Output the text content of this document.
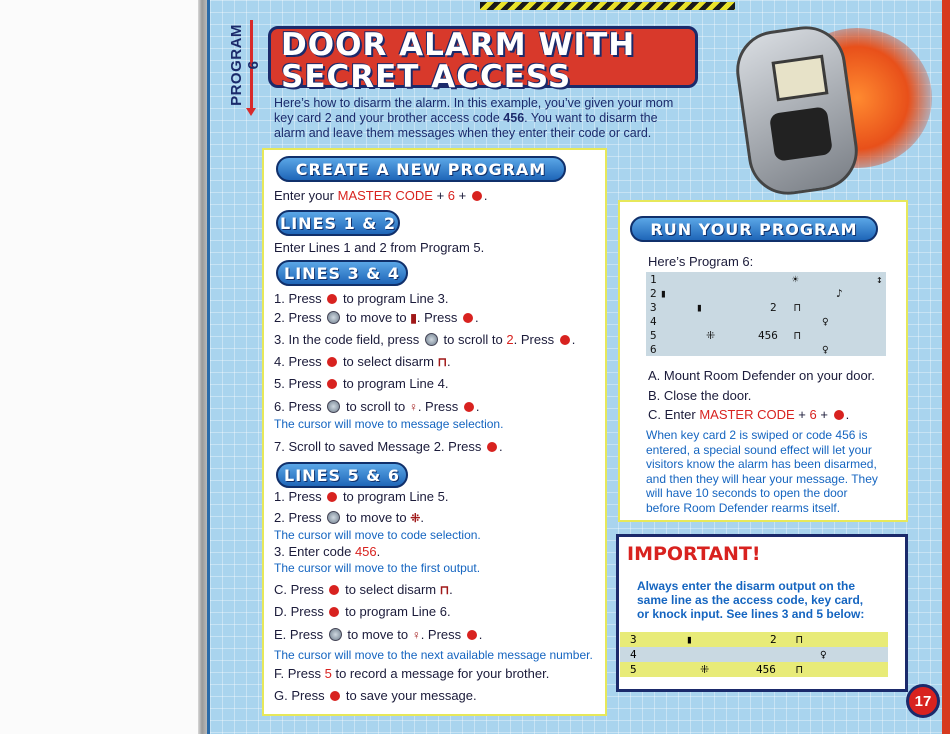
PROGRAM 6
DOOR ALARM WITH
SECRET ACCESS
Here’s how to disarm the alarm. In this example, you’ve given your mom
key card 2 and your brother access code 456. You want to disarm the
alarm and leave them messages when they enter their code or card.
CREATE A NEW PROGRAM
Enter your MASTER CODE + 6 + .
LINES 1 & 2
Enter Lines 1 and 2 from Program 5.
LINES 3 & 4
1. Press to program Line 3.
2. Press to move to ▮. Press .
3. In the code field, press to scroll to 2. Press .
4. Press to select disarm ⊓.
5. Press to program Line 4.
6. Press to scroll to ♀. Press .
The cursor will move to message selection.
7. Scroll to saved Message 2. Press .
LINES 5 & 6
1. Press to program Line 5.
2. Press to move to ⁜.
The cursor will move to code selection.
3. Enter code 456.
The cursor will move to the first output.
C. Press to select disarm ⊓.
D. Press to program Line 6.
E. Press to move to ♀. Press .
The cursor will move to the next available message number.
F. Press 5 to record a message for your brother.
G. Press to save your message.
RUN YOUR PROGRAM
Here’s Program 6:
1	☀	↕
2 ▮	♪
3	▮	2 ⊓
4	♀
5	⁜	456 ⊓
6	♀
A. Mount Room Defender on your door.
B. Close the door.
C. Enter MASTER CODE + 6 + .
When key card 2 is swiped or code 456 is
entered, a special sound effect will let your
visitors know the alarm has been disarmed,
and then they will hear your message. They
will have 10 seconds to open the door
before Room Defender rearms itself.
IMPORTANT!
Always enter the disarm output on the
same line as the access code, key card,
or knock input. See lines 3 and 5 below:
3	▮	2 ⊓
4	♀
5	⁜	456 ⊓
17
